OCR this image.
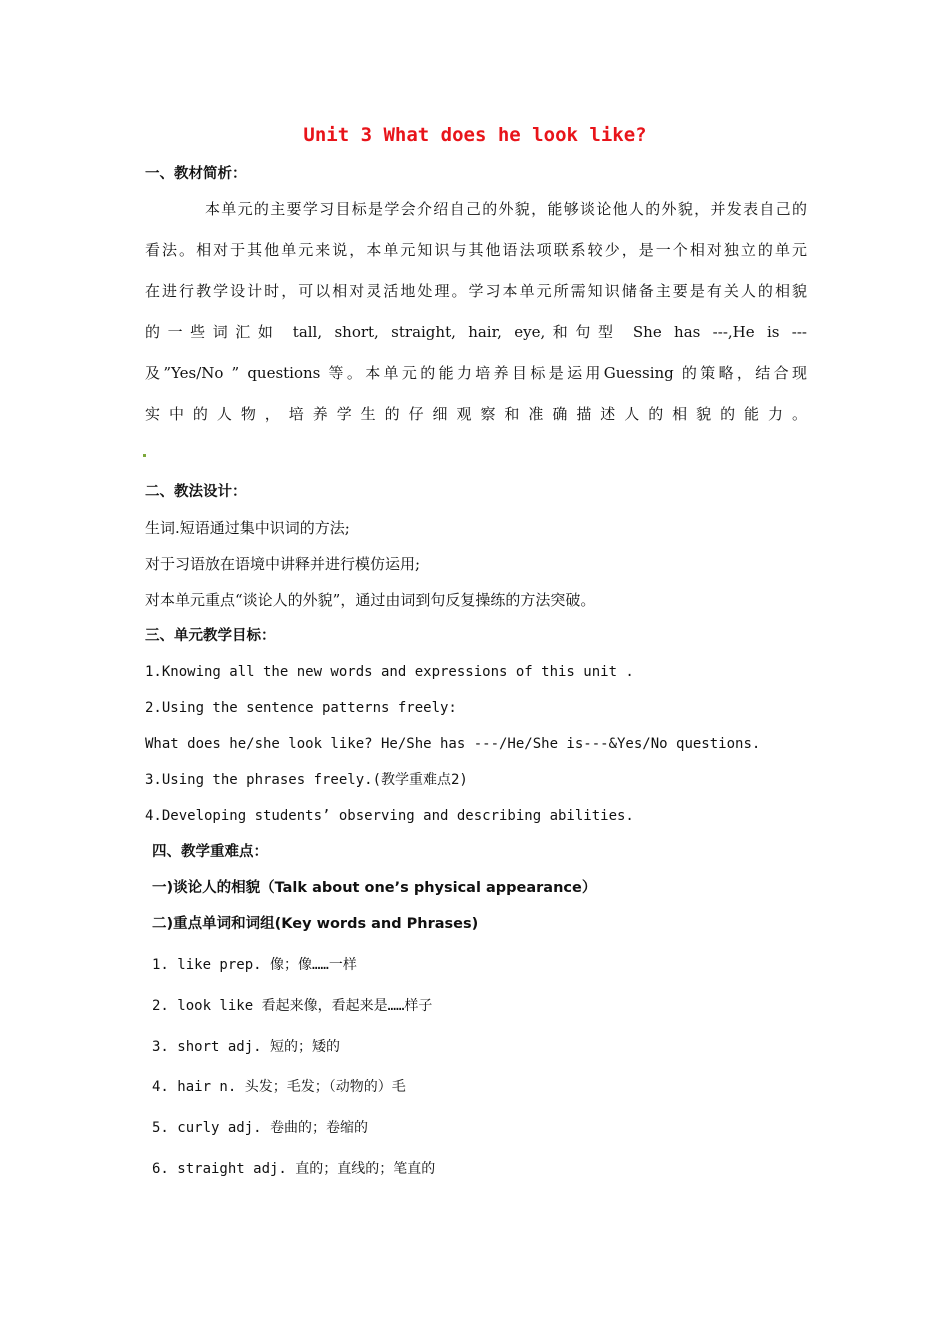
Unit 3 What does he look like?
一、教材简析：
本单元的主要学习目标是学会介绍自己的外貌，能够谈论他人的外貌，并发表自己的
看法。相对于其他单元来说，本单元知识与其他语法项联系较少，是一个相对独立的单元
在进行教学设计时，可以相对灵活地处理。学习本单元所需知识储备主要是有关人的相貌
的一些词汇如 tall, short, straight, hair, eye,和句型 She has ---,He is ---
及”Yes/No ” questions 等。本单元的能力培养目标是运用Guessing 的策略，结合现
实中的人物，培养学生的仔细观察和准确描述人的相貌的能力。
二、教法设计：
生词.短语通过集中识词的方法;
对于习语放在语境中讲释并进行模仿运用;
对本单元重点“谈论人的外貌”，通过由词到句反复操练的方法突破。
三、单元教学目标：
1.Knowing all the new words and expressions of this unit .
2.Using the sentence patterns freely:
What does he/she look like? He/She has ---/He/She is---&Yes/No questions.
3.Using the phrases freely.(教学重难点2)
4.Developing students’ observing and describing abilities.
四、教学重难点：
一)谈论人的相貌（Talk about one’s physical appearance）
二)重点单词和词组(Key words and Phrases)
1. like prep. 像；像……一样
2. look like 看起来像，看起来是……样子
3. short adj. 短的；矮的
4. hair n. 头发；毛发；（动物的）毛
5. curly adj. 卷曲的；卷缩的
6. straight adj. 直的；直线的；笔直的
